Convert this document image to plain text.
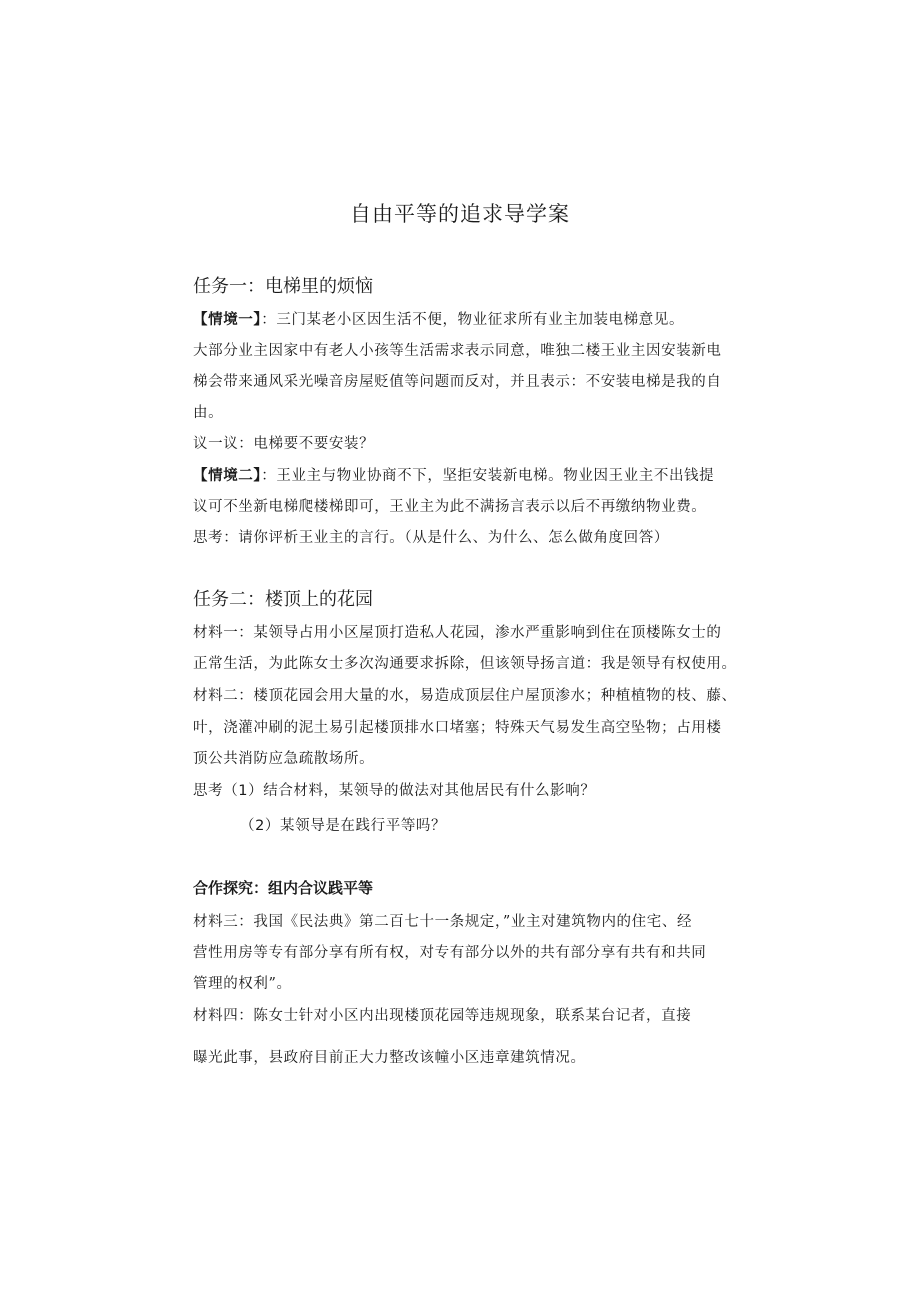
自由平等的追求导学案
任务一：电梯里的烦恼
【情境一】：三门某老小区因生活不便，物业征求所有业主加装电梯意见。
大部分业主因家中有老人小孩等生活需求表示同意，唯独二楼王业主因安装新电
梯会带来通风采光噪音房屋贬值等问题而反对，并且表示：不安装电梯是我的自
由。
议一议：电梯要不要安装？
【情境二】：王业主与物业协商不下，坚拒安装新电梯。物业因王业主不出钱提
议可不坐新电梯爬楼梯即可，王业主为此不满扬言表示以后不再缴纳物业费。
思考：请你评析王业主的言行。（从是什么、为什么、怎么做角度回答）
任务二：楼顶上的花园
材料一：某领导占用小区屋顶打造私人花园，渗水严重影响到住在顶楼陈女士的
正常生活，为此陈女士多次沟通要求拆除，但该领导扬言道：我是领导有权使用。
材料二：楼顶花园会用大量的水，易造成顶层住户屋顶渗水；种植植物的枝、藤、
叶，浇灌冲刷的泥土易引起楼顶排水口堵塞；特殊天气易发生高空坠物；占用楼
顶公共消防应急疏散场所。
思考（1）结合材料，某领导的做法对其他居民有什么影响？
（2）某领导是在践行平等吗？
合作探究：组内合议践平等
材料三：我国《民法典》第二百七十一条规定，”业主对建筑物内的住宅、经
营性用房等专有部分享有所有权，对专有部分以外的共有部分享有共有和共同
管理的权利”。
材料四：陈女士针对小区内出现楼顶花园等违规现象，联系某台记者，直接
曝光此事，县政府目前正大力整改该幢小区违章建筑情况。
